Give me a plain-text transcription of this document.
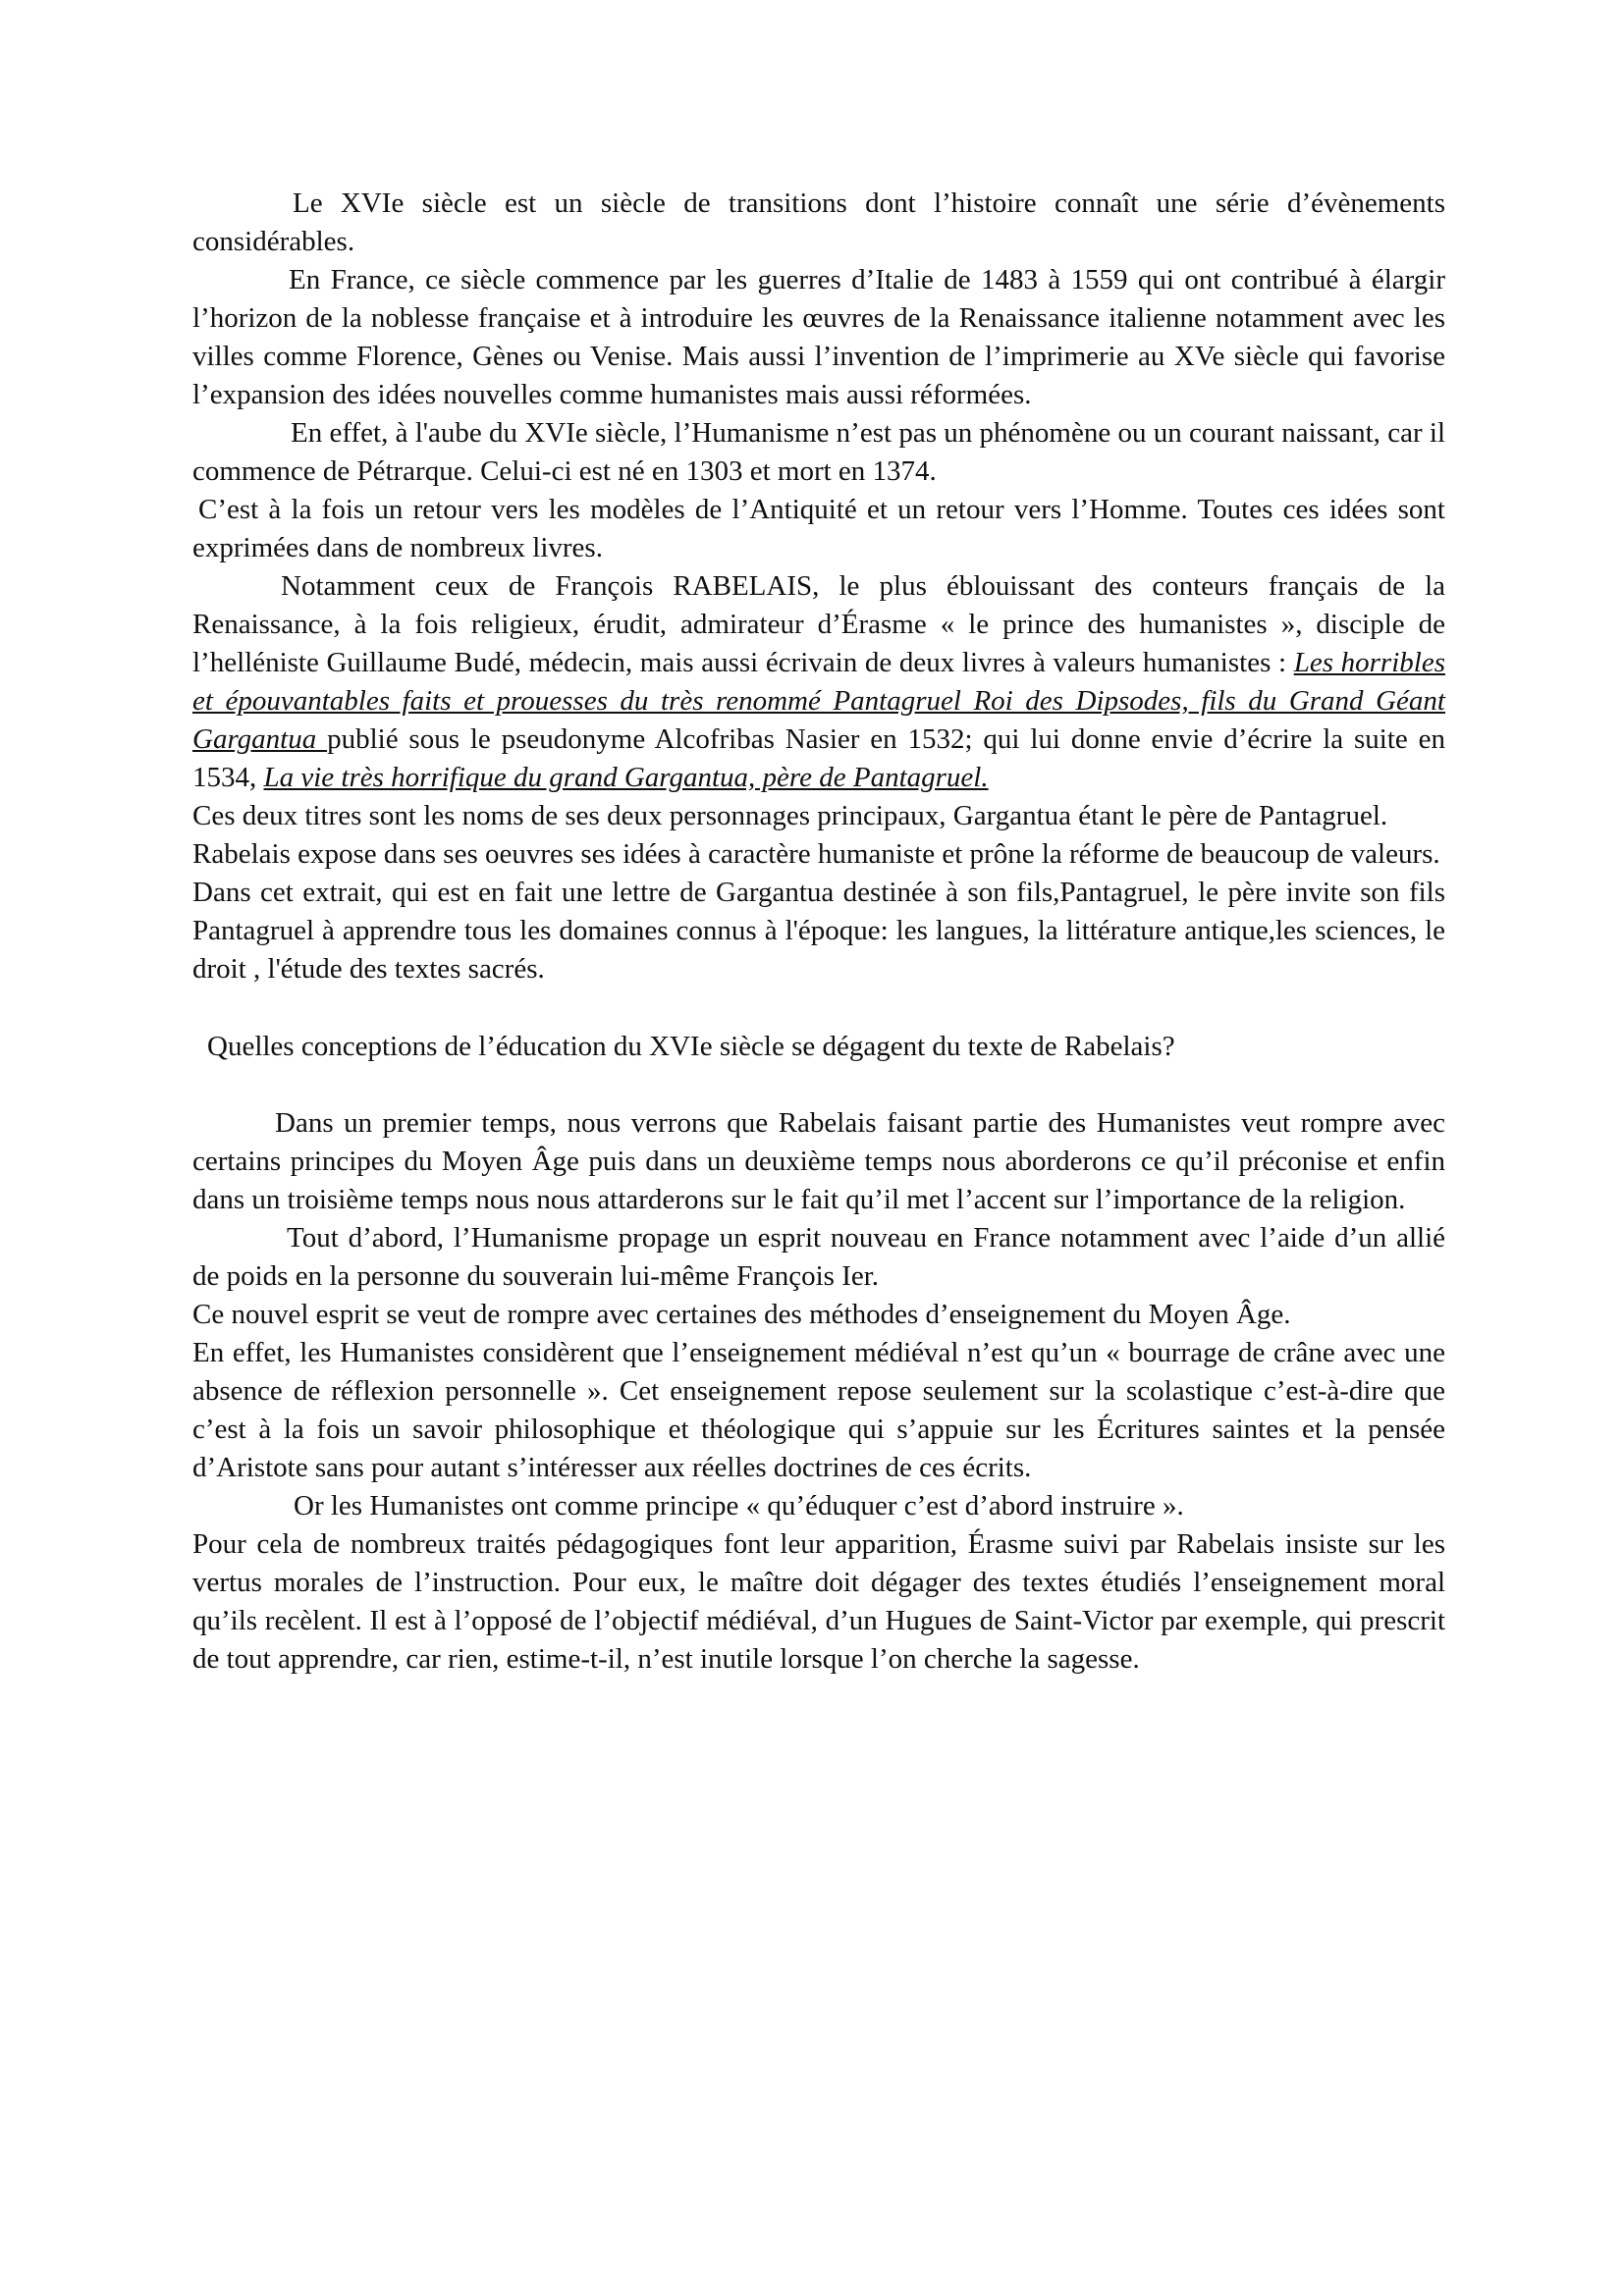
Le XVIe siècle est un siècle de transitions dont l’histoire connaît une série d’évènements considérables.

En France, ce siècle commence par les guerres d’Italie de 1483 à 1559 qui ont contribué à élargir l’horizon de la noblesse française et à introduire les œuvres de la Renaissance italienne notamment avec les villes comme Florence, Gènes ou Venise. Mais aussi l’invention de l’imprimerie au XVe siècle qui favorise l’expansion des idées nouvelles comme humanistes mais aussi réformées.

En effet, à l'aube du XVIe siècle, l’Humanisme n’est pas un phénomène ou un courant naissant, car il commence de Pétrarque. Celui-ci est né en 1303 et mort en 1374.

C’est à la fois un retour vers les modèles de l’Antiquité et un retour vers l’Homme. Toutes ces idées sont exprimées dans de nombreux livres.

Notamment ceux de François RABELAIS, le plus éblouissant des conteurs français de la Renaissance, à la fois religieux, érudit, admirateur d’Érasme « le prince des humanistes », disciple de l’helléniste Guillaume Budé, médecin, mais aussi écrivain de deux livres à valeurs humanistes : Les horribles et épouvantables faits et prouesses du très renommé Pantagruel Roi des Dipsodes, fils du Grand Géant Gargantua publié sous le pseudonyme Alcofribas Nasier en 1532; qui lui donne envie d’écrire la suite en 1534, La vie très horrifique du grand Gargantua, père de Pantagruel.

Ces deux titres sont les noms de ses deux personnages principaux, Gargantua étant le père de Pantagruel.

Rabelais expose dans ses oeuvres ses idées à caractère humaniste et prône la réforme de beaucoup de valeurs.

Dans cet extrait, qui est en fait une lettre de Gargantua destinée à son fils,Pantagruel, le père invite son fils Pantagruel à apprendre tous les domaines connus à l'époque: les langues, la littérature antique,les sciences, le droit , l'étude des textes sacrés.

Quelles conceptions de l’éducation du XVIe siècle se dégagent du texte de Rabelais?

Dans un premier temps, nous verrons que Rabelais faisant partie des Humanistes veut rompre avec certains principes du Moyen Âge puis dans un deuxième temps nous aborderons ce qu’il préconise et enfin dans un troisième temps nous nous attarderons sur le fait qu’il met l’accent sur l’importance de la religion.

Tout d’abord, l’Humanisme propage un esprit nouveau en France notamment avec l’aide d’un allié de poids en la personne du souverain lui-même François Ier.

Ce nouvel esprit se veut de rompre avec certaines des méthodes d’enseignement du Moyen Âge.

En effet, les Humanistes considèrent que l’enseignement médiéval n’est qu’un « bourrage de crâne avec une absence de réflexion personnelle ». Cet enseignement repose seulement sur la scolastique c’est-à-dire que c’est à la fois un savoir philosophique et théologique qui s’appuie sur les Écritures saintes et la pensée d’Aristote sans pour autant s’intéresser aux réelles doctrines de ces écrits.

Or les Humanistes ont comme principe « qu’éduquer c’est d’abord instruire ».

Pour cela de nombreux traités pédagogiques font leur apparition, Érasme suivi par Rabelais insiste sur les vertus morales de l’instruction. Pour eux, le maître doit dégager des textes étudiés l’enseignement moral qu’ils recèlent. Il est à l’opposé de l’objectif médiéval, d’un Hugues de Saint-Victor par exemple, qui prescrit de tout apprendre, car rien, estime-t-il, n’est inutile lorsque l’on cherche la sagesse.
